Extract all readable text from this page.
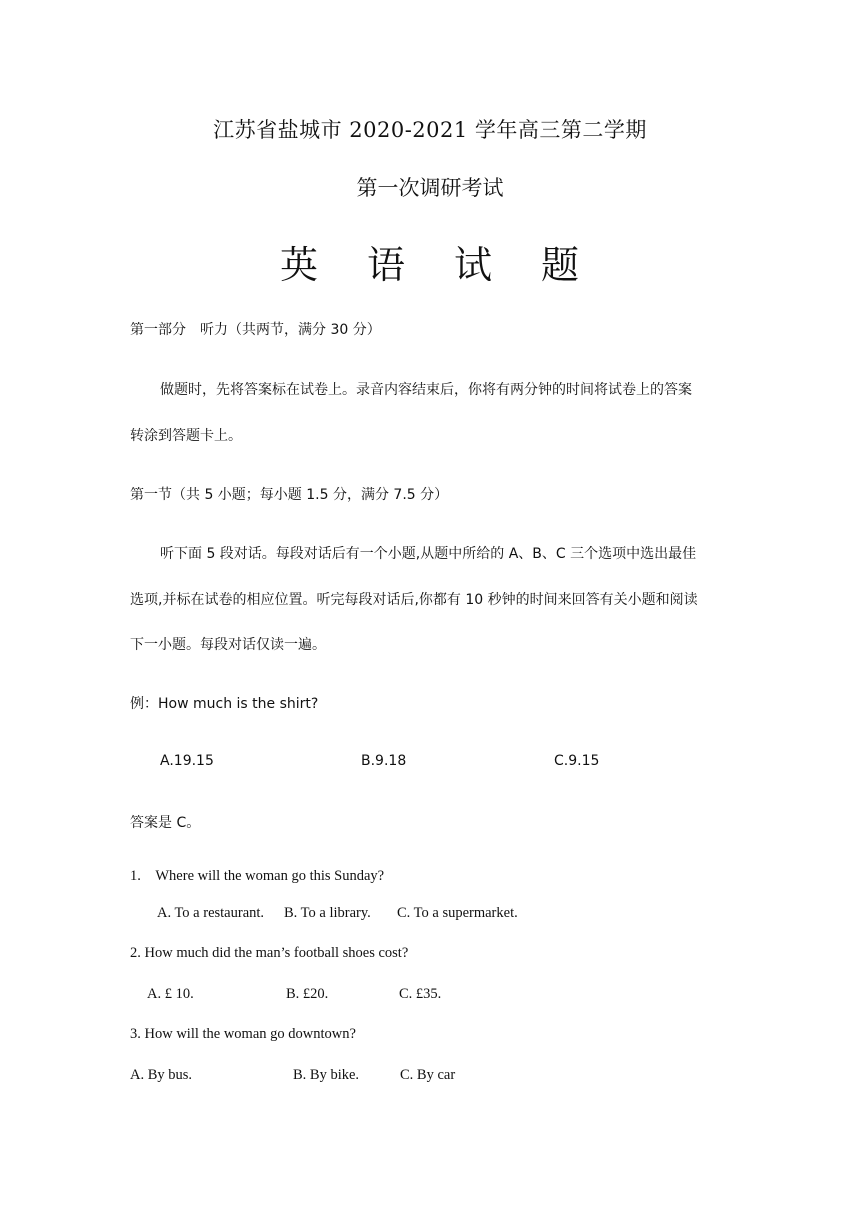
江苏省盐城市 2020-2021 学年高三第二学期
第一次调研考试
英 语 试 题
第一部分　听力（共两节，满分 30 分）
做题时，先将答案标在试卷上。录音内容结束后，你将有两分钟的时间将试卷上的答案
转涂到答题卡上。
第一节（共 5 小题；每小题 1.5 分，满分 7.5 分）
听下面 5 段对话。每段对话后有一个小题,从题中所给的 A、B、C 三个选项中选出最佳
选项,并标在试卷的相应位置。听完每段对话后,你都有 10 秒钟的时间来回答有关小题和阅读
下一小题。每段对话仅读一遍。
例：How much is the shirt?
A.19.15	B.9.18	C.9.15
答案是 C。
1.　Where will the woman go this Sunday?
A. To a restaurant. B. To a library. C. To a supermarket.
2. How much did the man’s football shoes cost?
A. £ 10.	B. £20.	C. £35.
3. How will the woman go downtown?
A. By bus.	B. By bike.	C. By car
